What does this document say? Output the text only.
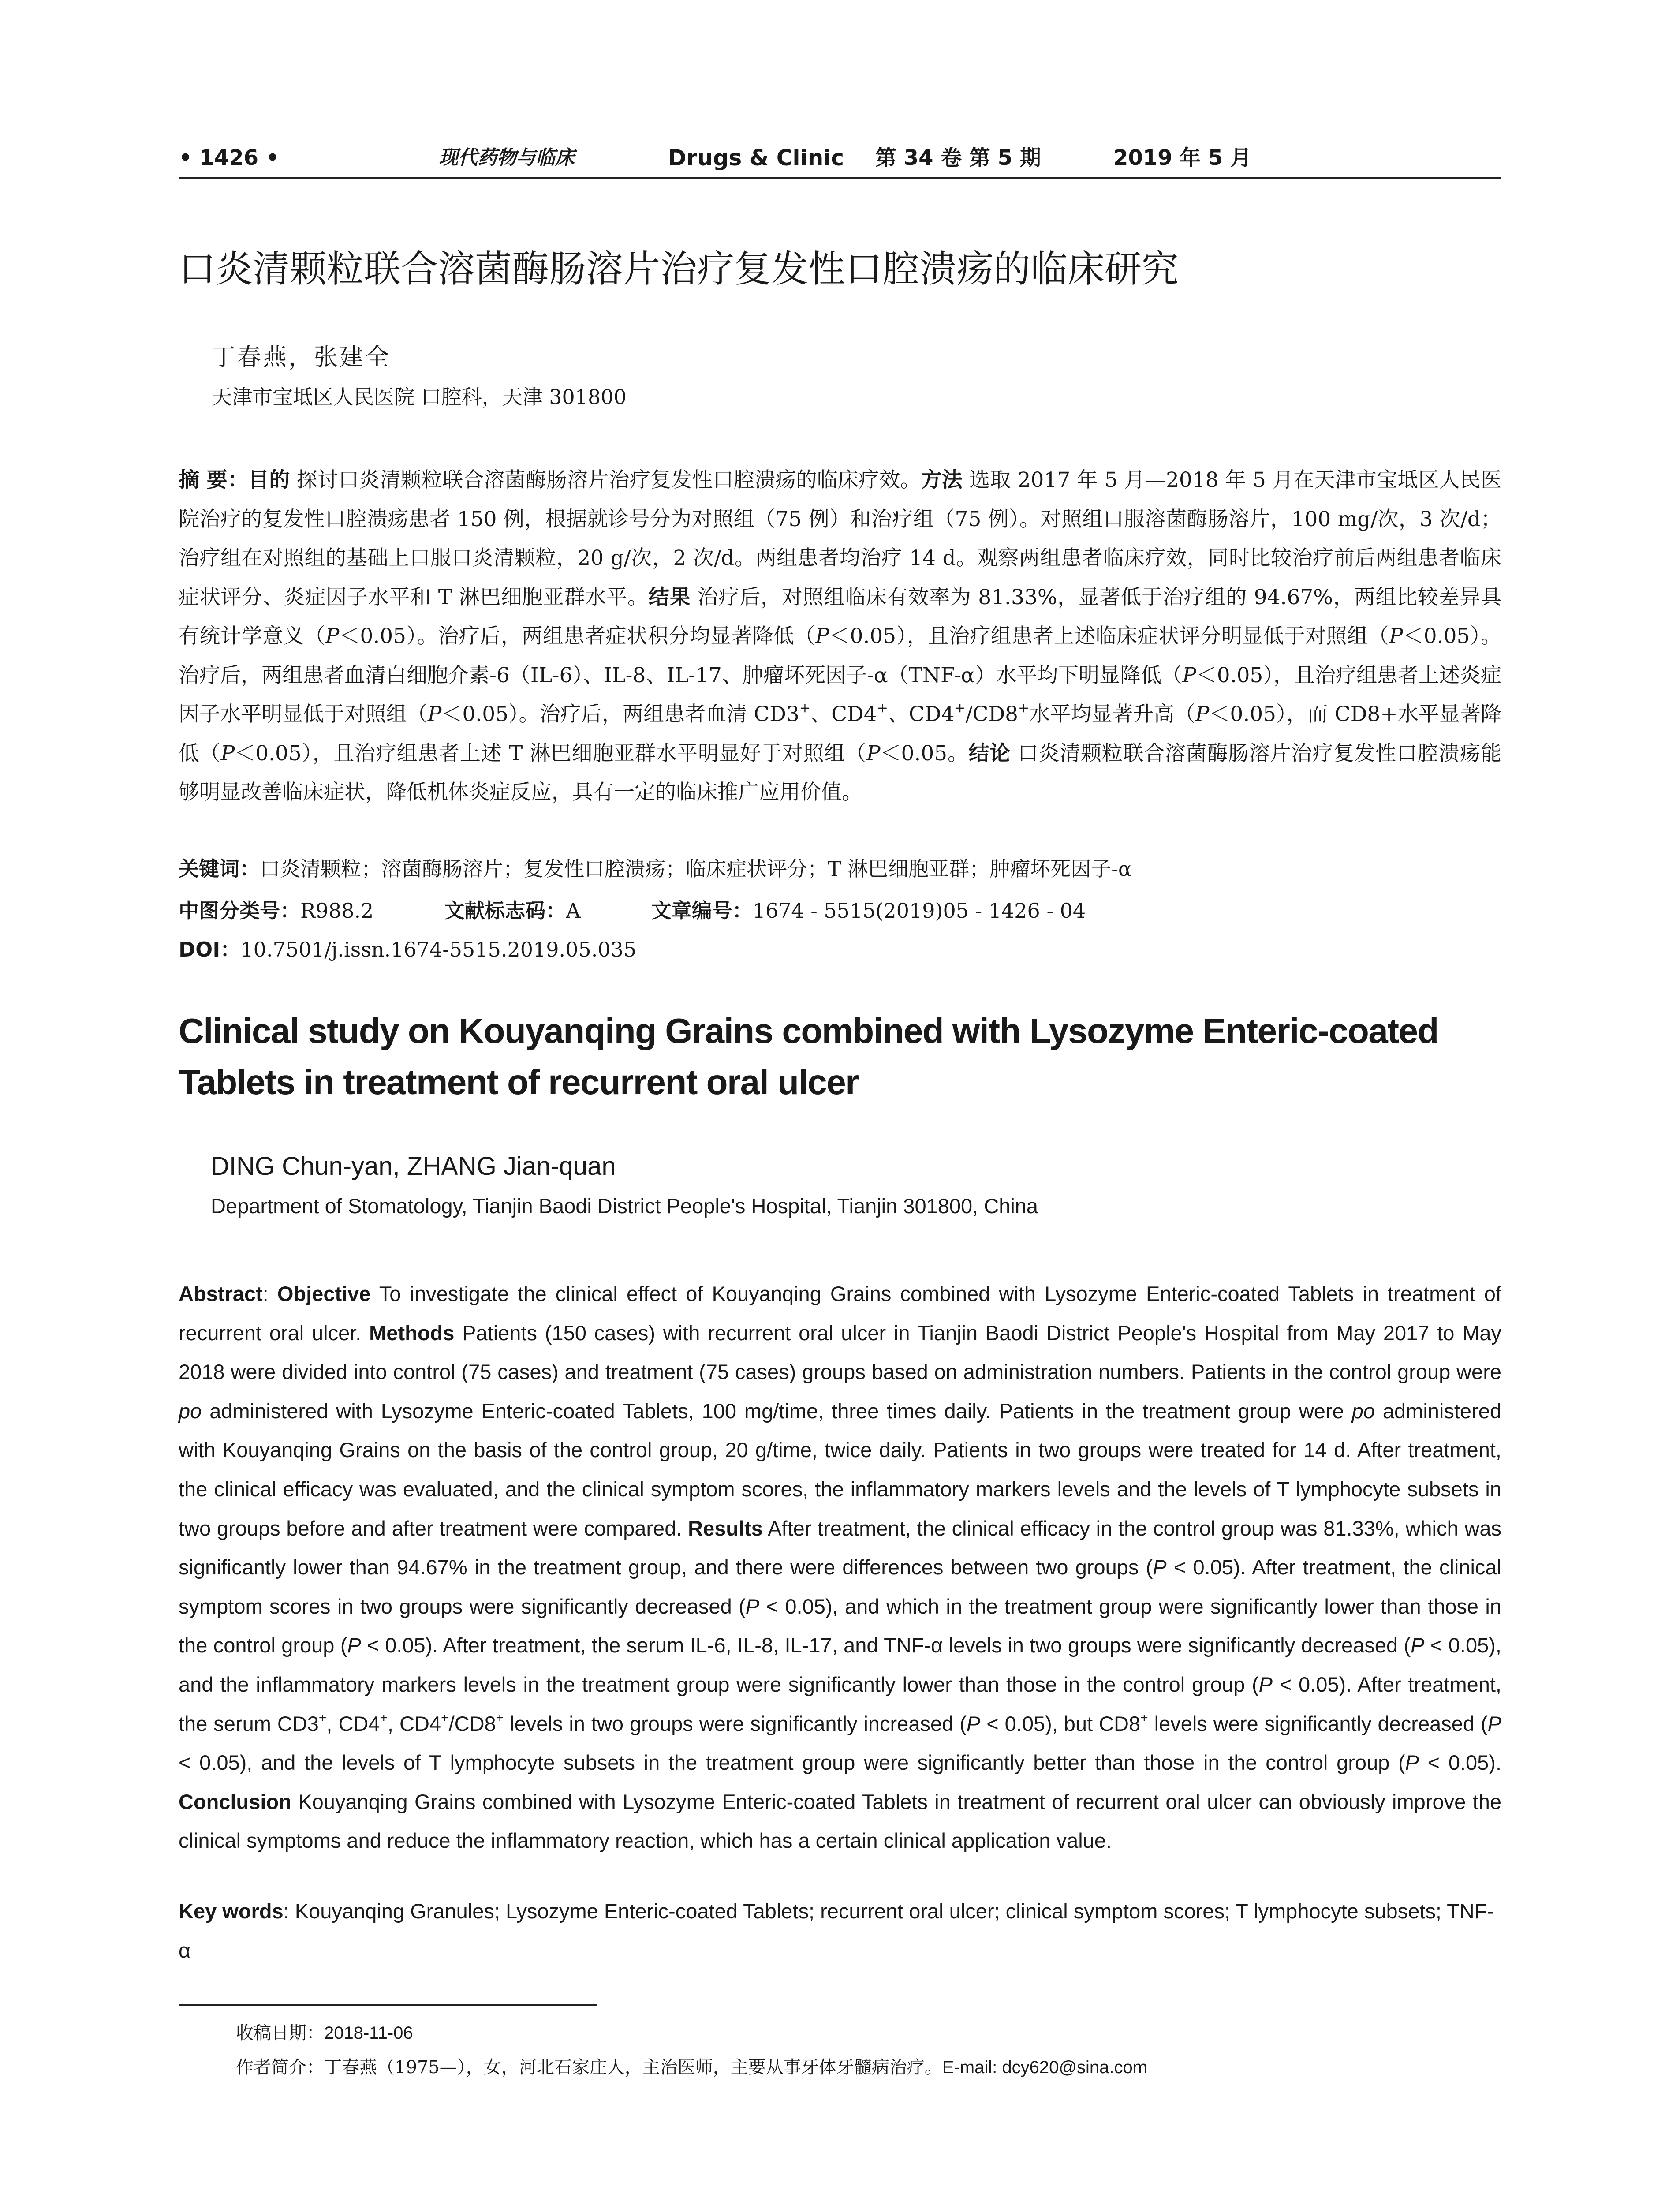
• 1426 •	现代药物与临床	Drugs & Clinic 第 34 卷 第 5 期	2019 年 5 月
口炎清颗粒联合溶菌酶肠溶片治疗复发性口腔溃疡的临床研究
丁春燕，张建全
天津市宝坻区人民医院 口腔科，天津 301800
摘 要：目的 探讨口炎清颗粒联合溶菌酶肠溶片治疗复发性口腔溃疡的临床疗效。方法 选取 2017 年 5 月—2018 年 5 月在天津市宝坻区人民医院治疗的复发性口腔溃疡患者 150 例，根据就诊号分为对照组（75 例）和治疗组（75 例）。对照组口服溶菌酶肠溶片，100 mg/次，3 次/d；治疗组在对照组的基础上口服口炎清颗粒，20 g/次，2 次/d。两组患者均治疗 14 d。观察两组患者临床疗效，同时比较治疗前后两组患者临床症状评分、炎症因子水平和 T 淋巴细胞亚群水平。结果 治疗后，对照组临床有效率为 81.33%，显著低于治疗组的 94.67%，两组比较差异具有统计学意义（P＜0.05）。治疗后，两组患者症状积分均显著降低（P＜0.05），且治疗组患者上述临床症状评分明显低于对照组（P＜0.05）。治疗后，两组患者血清白细胞介素-6（IL-6）、IL-8、IL-17、肿瘤坏死因子-α（TNF-α）水平均下明显降低（P＜0.05），且治疗组患者上述炎症因子水平明显低于对照组（P＜0.05）。治疗后，两组患者血清 CD3+、CD4+、CD4+/CD8+水平均显著升高（P＜0.05），而 CD8+水平显著降低（P＜0.05），且治疗组患者上述 T 淋巴细胞亚群水平明显好于对照组（P＜0.05。结论 口炎清颗粒联合溶菌酶肠溶片治疗复发性口腔溃疡能够明显改善临床症状，降低机体炎症反应，具有一定的临床推广应用价值。
关键词：口炎清颗粒；溶菌酶肠溶片；复发性口腔溃疡；临床症状评分；T 淋巴细胞亚群；肿瘤坏死因子-α
中图分类号：R988.2	文献标志码：A	文章编号：1674 - 5515(2019)05 - 1426 - 04
DOI：10.7501/j.issn.1674-5515.2019.05.035
Clinical study on Kouyanqing Grains combined with Lysozyme Enteric-coated Tablets in treatment of recurrent oral ulcer
DING Chun-yan, ZHANG Jian-quan
Department of Stomatology, Tianjin Baodi District People's Hospital, Tianjin 301800, China
Abstract: Objective To investigate the clinical effect of Kouyanqing Grains combined with Lysozyme Enteric-coated Tablets in treatment of recurrent oral ulcer. Methods Patients (150 cases) with recurrent oral ulcer in Tianjin Baodi District People's Hospital from May 2017 to May 2018 were divided into control (75 cases) and treatment (75 cases) groups based on administration numbers. Patients in the control group were po administered with Lysozyme Enteric-coated Tablets, 100 mg/time, three times daily. Patients in the treatment group were po administered with Kouyanqing Grains on the basis of the control group, 20 g/time, twice daily. Patients in two groups were treated for 14 d. After treatment, the clinical efficacy was evaluated, and the clinical symptom scores, the inflammatory markers levels and the levels of T lymphocyte subsets in two groups before and after treatment were compared. Results After treatment, the clinical efficacy in the control group was 81.33%, which was significantly lower than 94.67% in the treatment group, and there were differences between two groups (P < 0.05). After treatment, the clinical symptom scores in two groups were significantly decreased (P < 0.05), and which in the treatment group were significantly lower than those in the control group (P < 0.05). After treatment, the serum IL-6, IL-8, IL-17, and TNF-α levels in two groups were significantly decreased (P < 0.05), and the inflammatory markers levels in the treatment group were significantly lower than those in the control group (P < 0.05). After treatment, the serum CD3+, CD4+, CD4+/CD8+ levels in two groups were significantly increased (P < 0.05), but CD8+ levels were significantly decreased (P < 0.05), and the levels of T lymphocyte subsets in the treatment group were significantly better than those in the control group (P < 0.05). Conclusion Kouyanqing Grains combined with Lysozyme Enteric-coated Tablets in treatment of recurrent oral ulcer can obviously improve the clinical symptoms and reduce the inflammatory reaction, which has a certain clinical application value.
Key words: Kouyanqing Granules; Lysozyme Enteric-coated Tablets; recurrent oral ulcer; clinical symptom scores; T lymphocyte subsets; TNF-α
收稿日期：2018-11-06
作者简介：丁春燕（1975—），女，河北石家庄人，主治医师，主要从事牙体牙髓病治疗。E-mail: dcy620@sina.com
